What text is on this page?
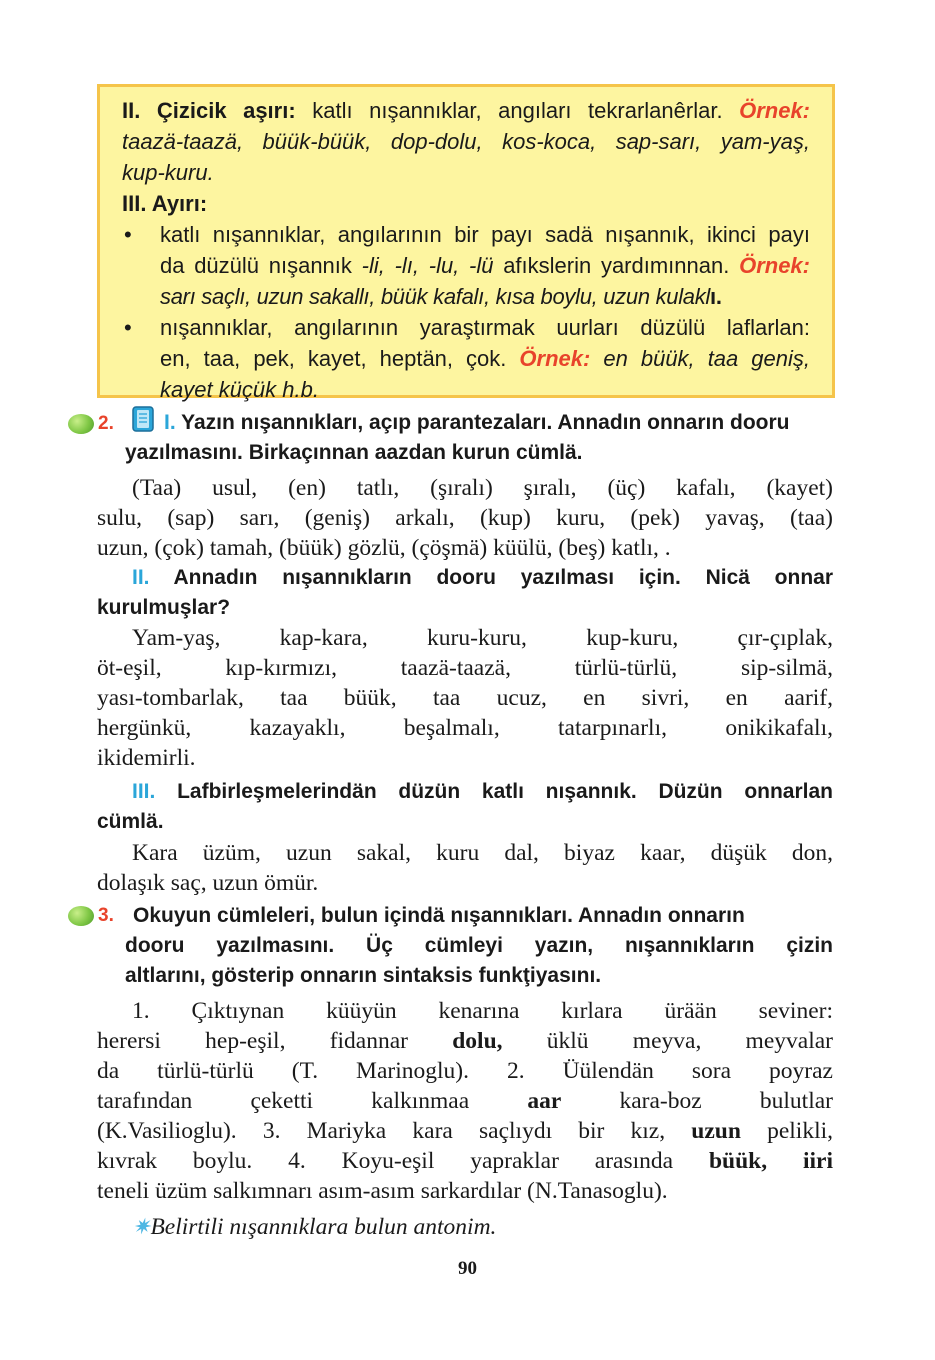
II. Çizicik aşırı: katlı nışannıklar, angıları tekrarlanêrlar. Örnek:
taazä-taazä, büük-büük, dop-dolu, kos-koca, sap-sarı, yam-yaş,
kup-kuru.
III. Ayırı:
• katlı nışannıklar, angılarının bir payı sadä nışannık, ikinci payı
da düzülü nışannık -li, -lı, -lu, -lü afıkslerin yardımınnan. Örnek:
sarı saçlı, uzun sakallı, büük kafalı, kısa boylu, uzun kulaklı.
• nışannıklar, angılarının yaraştırmak uurları düzülü laflarlan:
en, taa, pek, kayet, heptän, çok. Örnek: en büük, taa geniş,
kayet küçük h.b.
2. I. Yazın nışannıkları, açıp parantezaları. Annadın onnarın dooru
yazılmasını. Birkaçınnan aazdan kurun cümlä.
(Taa) usul, (en) tatlı, (şıralı) şıralı, (üç) kafalı, (kayet)
sulu, (sap) sarı, (geniş) arkalı, (kup) kuru, (pek) yavaş, (taa)
uzun, (çok) tamah, (büük) gözlü, (çöşmä) küülü, (beş) katlı, .
II. Annadın nışannıkların dooru yazılması için. Nicä onnar
kurulmuşlar?
Yam-yaş, kap-kara, kuru-kuru, kup-kuru, çır-çıplak,
öt-eşil, kıp-kırmızı, taazä-taazä, türlü-türlü, sip-silmä,
yası-tombarlak, taa büük, taa ucuz, en sivri, en aarif,
hergünkü, kazayaklı, beşalmalı, tatarpınarlı, onikikafalı,
ikidemirli.
III. Lafbirleşmelerindän düzün katlı nışannık. Düzün onnarlan
cümlä.
Kara üzüm, uzun sakal, kuru dal, biyaz kaar, düşük don,
dolaşık saç, uzun ömür.
3. Okuyun cümleleri, bulun içindä nışannıkları. Annadın onnarın
dooru yazılmasını. Üç cümleyi yazın, nışannıkların çizin
altlarını, gösterip onnarın sintaksis funkţiyasını.
1. Çıktıynan küüyün kenarına kırlara ürään seviner:
herersi hep-eşil, fidannar dolu, üklü meyva, meyvalar
da türlü-türlü (T. Marinoglu). 2. Üülendän sora poyraz
tarafından çeketti kalkınmaa aar kara-boz bulutlar
(K.Vasilioglu). 3. Mariyka kara saçlıydı bir kız, uzun pelikli,
kıvrak boylu. 4. Koyu-eşil yapraklar arasında büük, iiri
teneli üzüm salkımnarı asım-asım sarkardılar (N.Tanasoglu).
✷Belirtili nışannıklara bulun antonim.
90
